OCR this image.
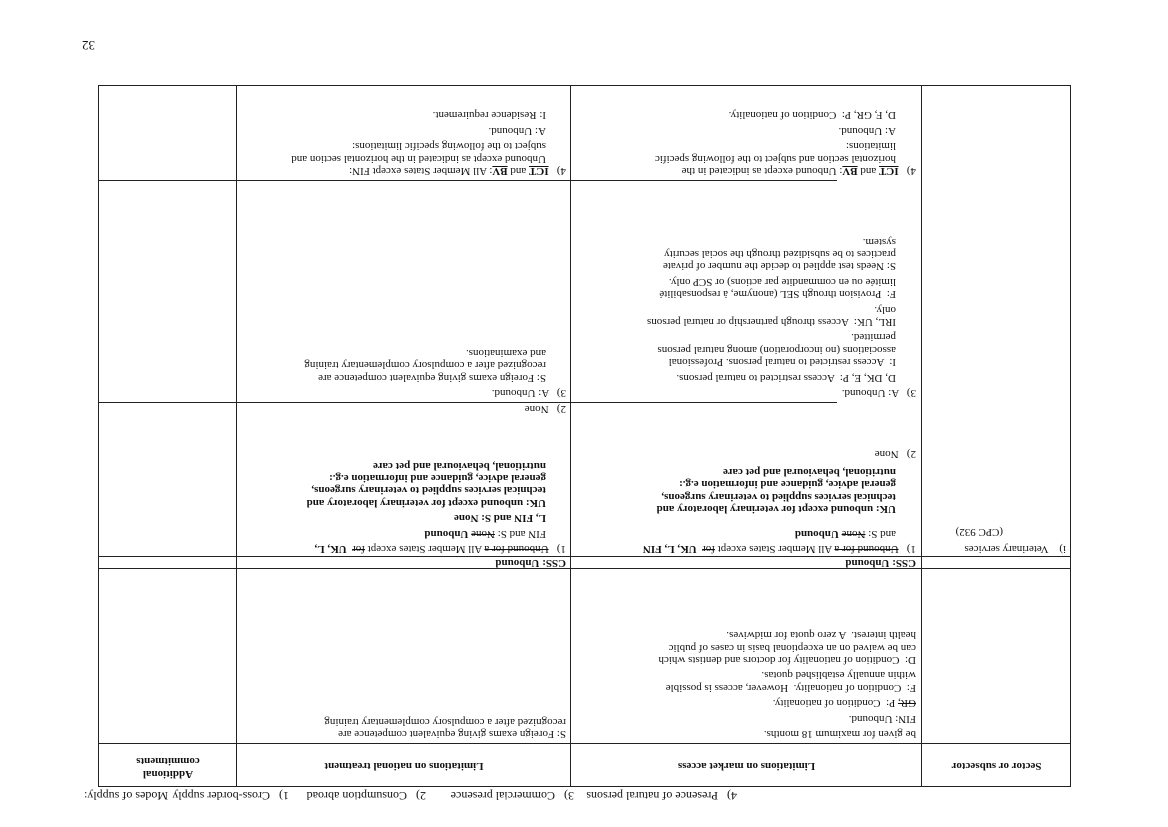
Modes of supply: 1)   Cross-border supply 2)   Consumption abroad 3)   Commercial presence 4)   Presence of natural persons
Sector or subsector
Limitations on market access
Limitations on national treatment
Additional
commitments
be given for maximum 18 months.
FIN: Unbound.
GR, P:  Condition of nationality.
F:  Condition of nationality.  However, access is possible
within annually established quotas.
D:  Condition of nationality for doctors and dentists which
can be waived on an exceptional basis in cases of public
health interest.  A zero quota for midwives.
S: Foreign exams giving equivalent competence are
recognized after a compulsory complementary training
CSS: Unbound
CSS: Unbound
i)    Veterinary services
(CPC 932)
1)   Unbound for a All Member States except for  UK, L, FIN
and S: None Unbound
UK: unbound except for veterinary laboratory and
technical services supplied to veterinary surgeons,
general advice, guidance and information e.g.:
nutritional, behavioural and pet care
2)   None
1)   Unbound for a All Member States except for  UK, L,
FIN and S: None Unbound
L, FIN and S: None
UK: unbound except for veterinary laboratory and
technical services supplied to veterinary surgeons,
general advice, guidance and information e.g.:
nutritional, behavioural and pet care
2)   None
3)   A: Unbound.
D, DK, E, P:  Access restricted to natural persons.
I:  Access restricted to natural persons. Professional
associations (no incorporation) among natural persons
permitted.
IRL, UK:  Access through partnership or natural persons
only.
F:  Provision through SEL (anonyme, à responsabilité
limitée ou en commandite par actions) or SCP only.
S: Needs test applied to decide the number of private
practices to be subsidized through the social security
system.
3)   A: Unbound.
S: Foreign exams giving equivalent competence are
recognized after a compulsory complementary training
and examinations.
4)   ICT and BV: Unbound except as indicated in the
horizontal section and subject to the following specific
limitations:
A: Unbound.
D, F, GR, P:  Condition of nationality.
4)   ICT and BV: All Member States except FIN:
Unbound except as indicated in the horizontal section and
subject to the following specific limitations:
A: Unbound.
I: Residence requirement.
32
